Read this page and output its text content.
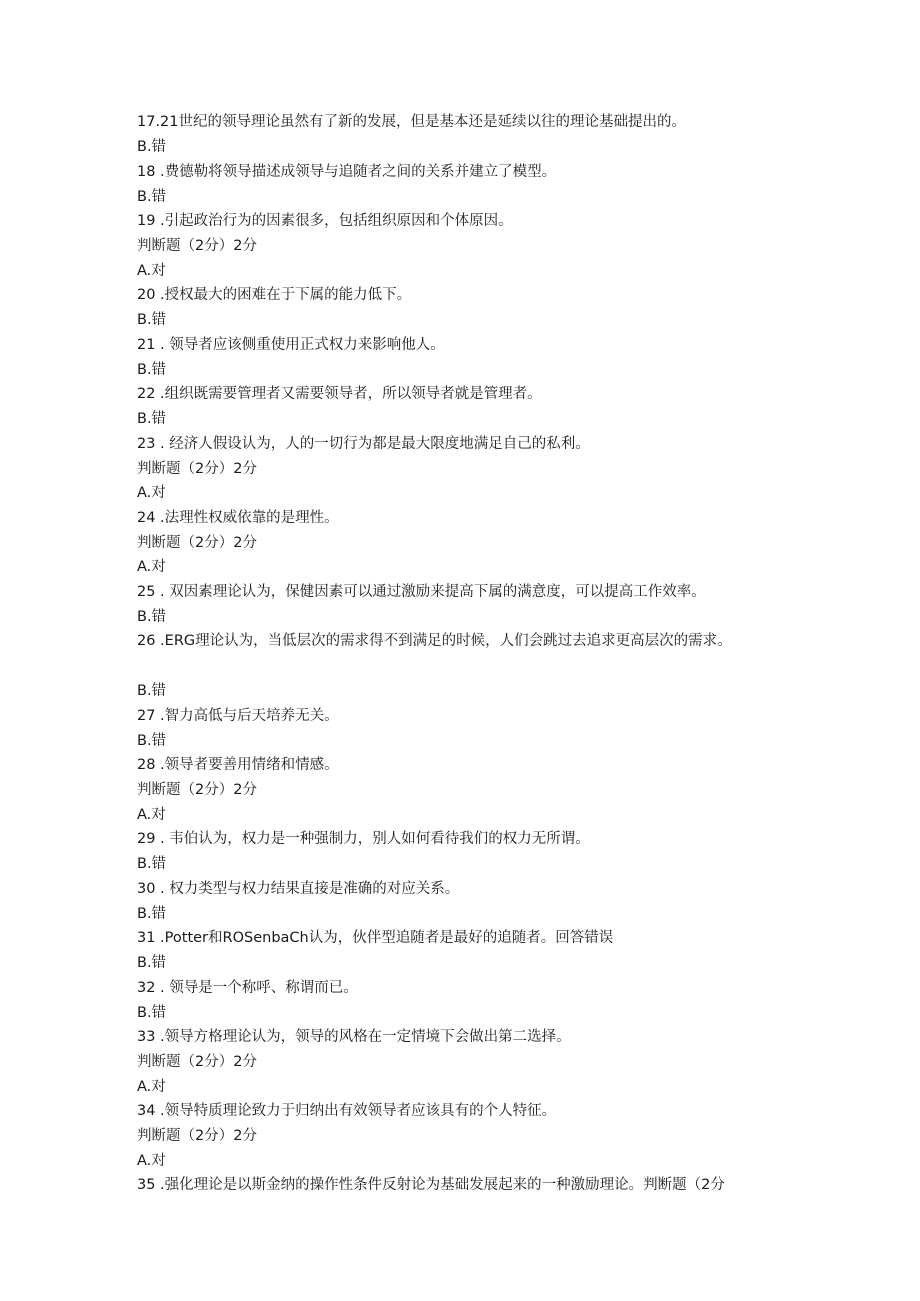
17.21世纪的领导理论虽然有了新的发展，但是基本还是延续以往的理论基础提出的。
B.错
18 .费德勒将领导描述成领导与追随者之间的关系并建立了模型。
B.错
19 .引起政治行为的因素很多，包括组织原因和个体原因。
判断题（2分）2分
A.对
20 .授权最大的困难在于下属的能力低下。
B.错
21 . 领导者应该侧重使用正式权力来影响他人。
B.错
22 .组织既需要管理者又需要领导者，所以领导者就是管理者。
B.错
23 . 经济人假设认为，人的一切行为都是最大限度地满足自己的私利。
判断题（2分）2分
A.对
24 .法理性权威依靠的是理性。
判断题（2分）2分
A.对
25 . 双因素理论认为，保健因素可以通过激励来提高下属的满意度，可以提高工作效率。
B.错
26 .ERG理论认为，当低层次的需求得不到满足的时候，人们会跳过去追求更高层次的需求。
B.错
27 .智力高低与后天培养无关。
B.错
28 .领导者要善用情绪和情感。
判断题（2分）2分
A.对
29 . 韦伯认为，权力是一种强制力，别人如何看待我们的权力无所谓。
B.错
30 . 权力类型与权力结果直接是准确的对应关系。
B.错
31 .Potter和ROSenbaCh认为，伙伴型追随者是最好的追随者。回答错误
B.错
32 . 领导是一个称呼、称谓而已。
B.错
33 .领导方格理论认为，领导的风格在一定情境下会做出第二选择。
判断题（2分）2分
A.对
34 .领导特质理论致力于归纳出有效领导者应该具有的个人特征。
判断题（2分）2分
A.对
35 .强化理论是以斯金纳的操作性条件反射论为基础发展起来的一种激励理论。判断题（2分
